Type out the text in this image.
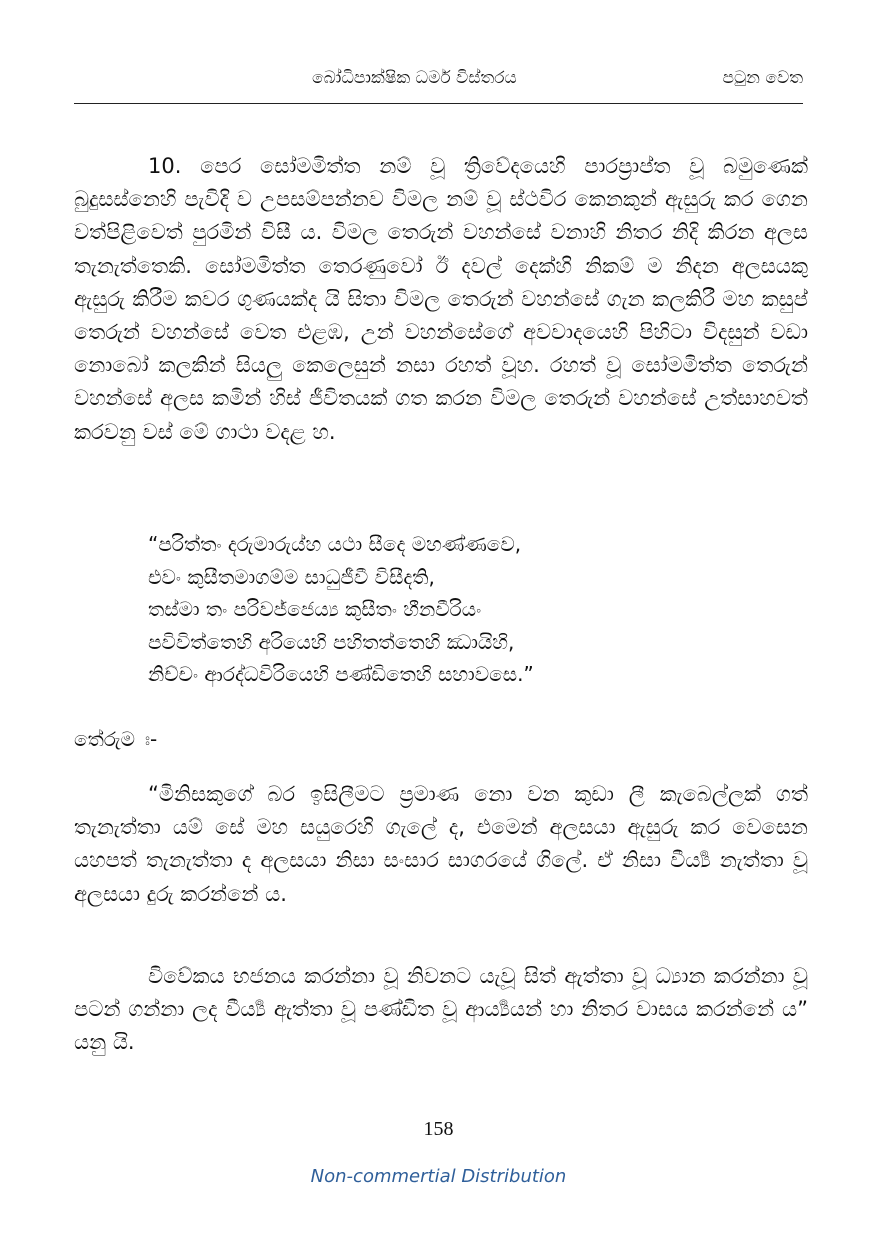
බෝධිපාක්ෂික ධර්ම විස්තරය	පටුන වෙත

10. පෙර සෝමමිත්ත නම් වූ ත්‍රිවේදයෙහි පාරප්‍රාප්ත වූ බමුණෙක් බුදුසස්නෙහි පැවිදි ව උපසම්පන්නව විමල නම් වූ ස්ථවිර කෙනකුන් ඇසුරු කර ගෙන වත්පිළිවෙත් පුරමින් විසී ය. විමල තෙරුන් වහන්සේ වනාහි නිතර නිදි කිරන අලස තැනැත්තෙකි. සෝමමිත්ත තෙරණුවෝ ඊ දවල් දෙක්හි නිකම් ම නිදන අලසයකු ඇසුරු කිරීම කවර ගුණයක්ද යි සිතා විමල තෙරුන් වහන්සේ ගැන කලකිරී මහ කසුප් තෙරුන් වහන්සේ වෙත එළඹ, උන් වහන්සේගේ අවවාදයෙහි පිහිටා විදසුන් වඩා නොබෝ කලකින් සියලු කෙලෙසුන් නසා රහත් වූහ. රහත් වූ සෝමමිත්ත තෙරුන් වහන්සේ අලස කමින් හිස් ජීවිතයක් ගත කරන විමල තෙරුන් වහන්සේ උත්සාහවත් කරවනු වස් මේ ගාථා වදළ හ.

“පරිත්තං දරුමාරුය්හ යථා සීදෙ මහණ්ණවෙ,
එවං කුසීතමාගම්ම සාධුජීවී විසීදති,
තස්මා තං පරිවජ්ජෙය්‍ය කුසීතං හීනවීරියං
පවිවිත්තෙහි අරියෙහි පහිතත්තෙහි ඣායිහි,
නිච්චං ආරද්ධවිරියෙහි පණ්ඩිතෙහි සහාවසෙ.”
තේරුම ඃ-

“මිනිසකුගේ බර ඉසිලීමට ප්‍රමාණ නො වන කුඩා ලී කැබෙල්ලක් ගත් තැනැත්තා යම් සේ මහ සයුරෙහි ගැලේ ද, එමෙන් අලසයා ඇසුරු කර වෙසෙන යහපත් තැනැත්තා ද අලසයා නිසා සංසාර සාගරයේ ගිලේ. ඒ නිසා වීර්‍ය්‍ය නැත්තා වූ අලසයා දුරු කරන්නේ ය.

විවේකය භජනය කරන්නා වූ නිවනට යැවූ සිත් ඇත්තා වූ ධ්‍යාන කරන්නා වූ පටන් ගන්නා ලද වීර්‍ය්‍ය ඇත්තා වූ පණ්ඩිත වූ ආර්‍ය්‍යයන් හා නිතර වාසය කරන්නේ ය” යනු යි.

158
Non-commertial Distribution
